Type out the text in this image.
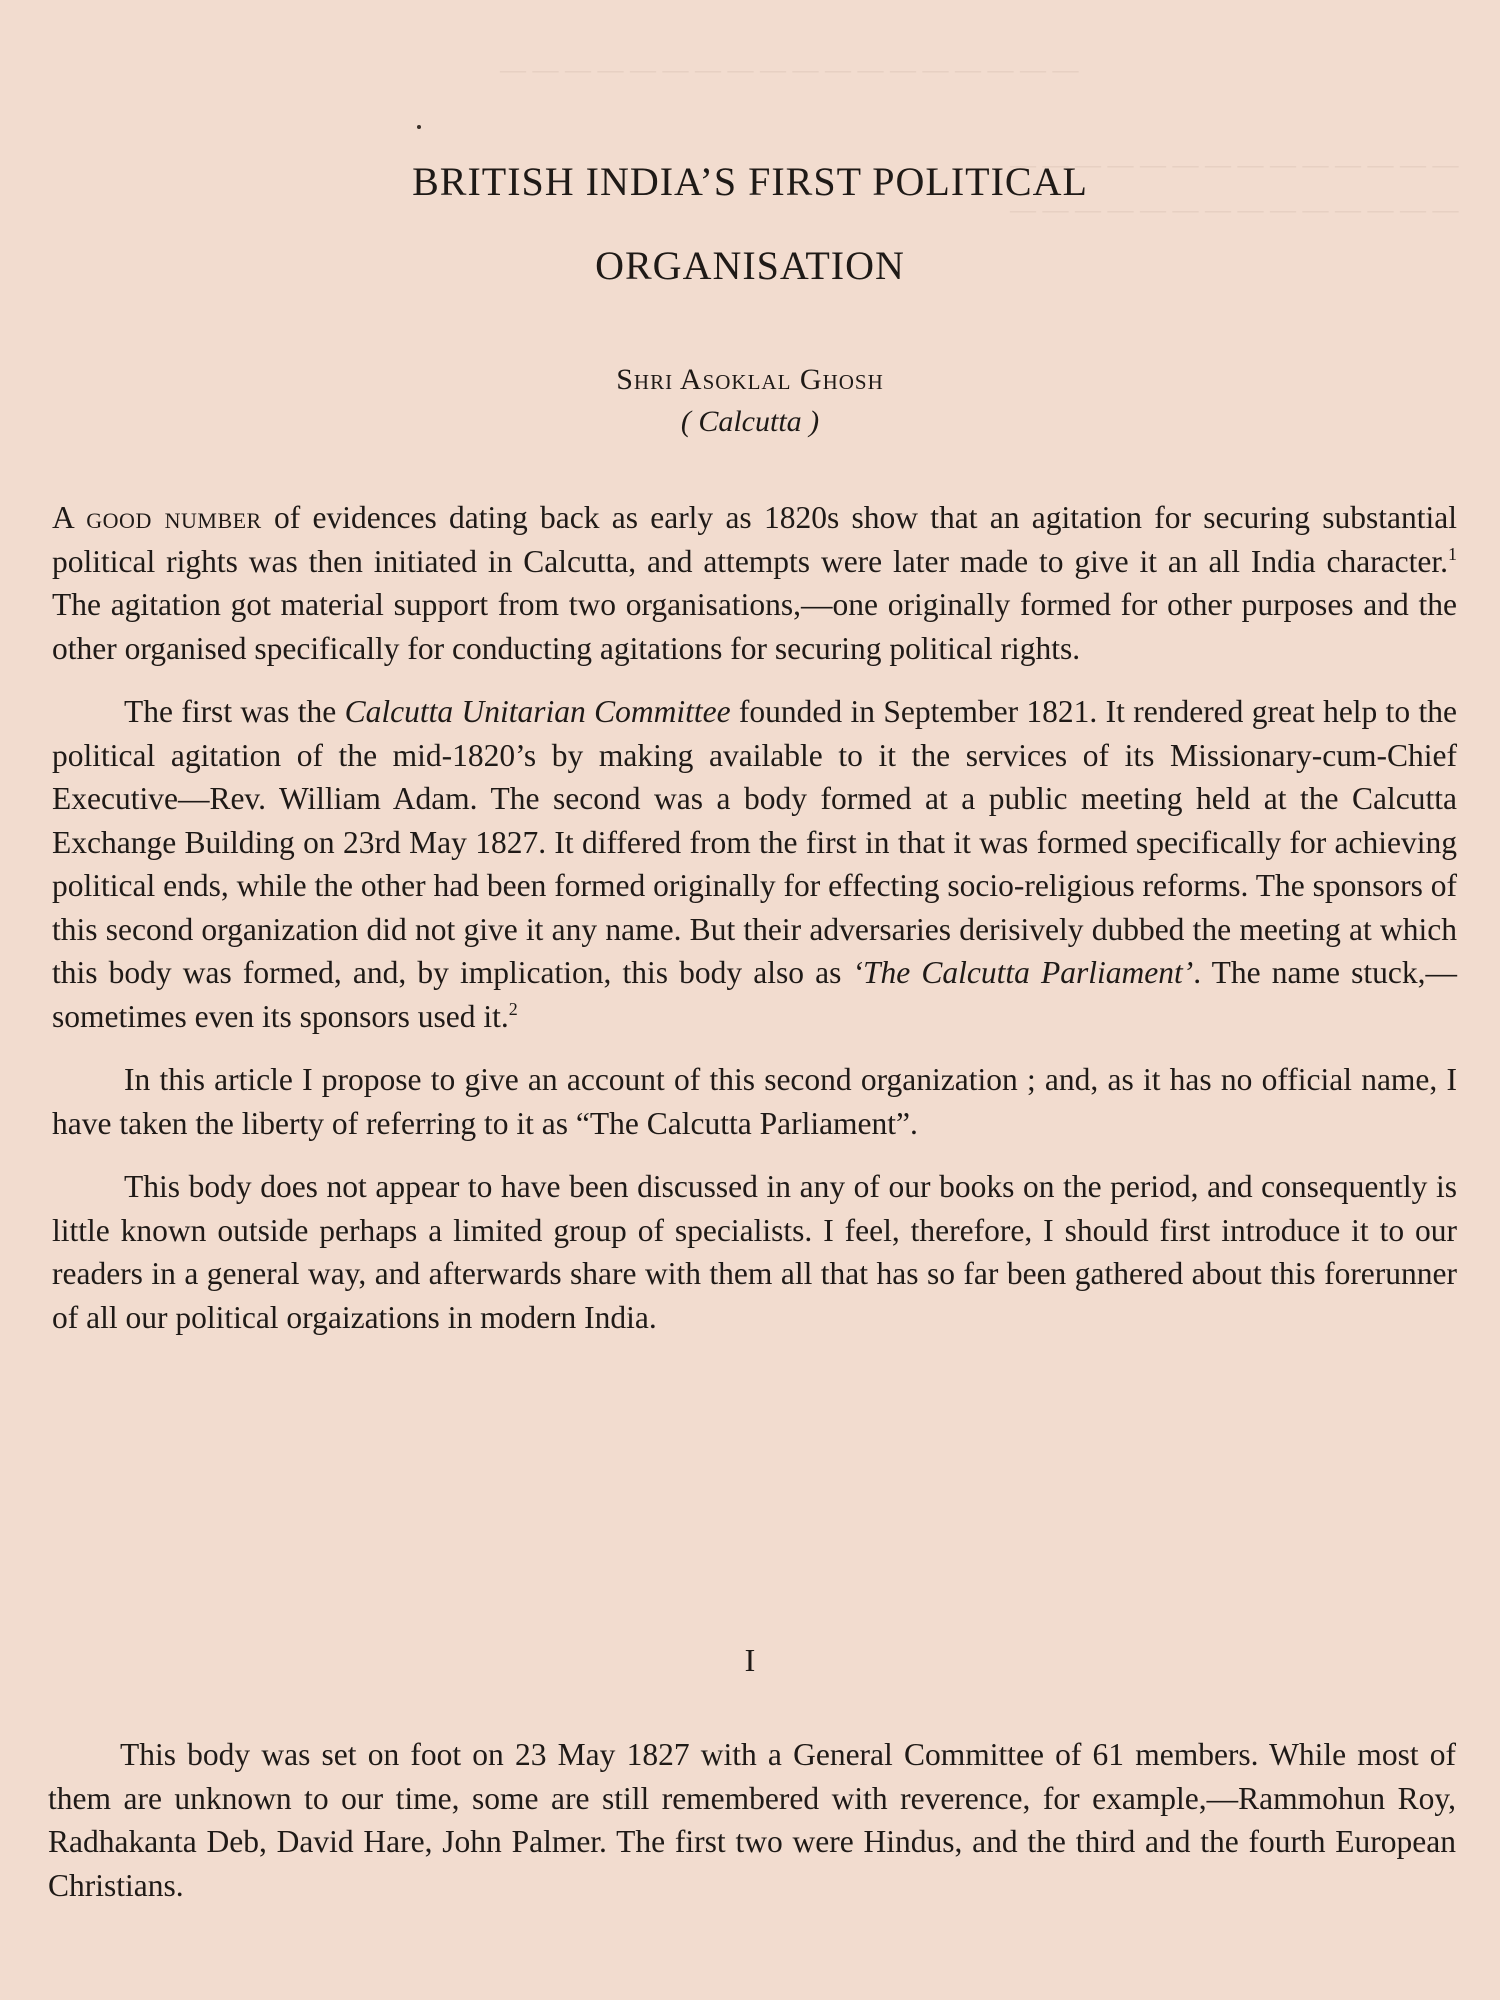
— — — — — — — — — — — — — — — — — —
— — — — — — — — — — — — — —
— — — — — — — — — — — — — —
BRITISH INDIA’S FIRST POLITICAL
ORGANISATION
Shri Asoklal Ghosh
( Calcutta )

A good number of evidences dating back as early as 1820s show that an agitation for securing substantial political rights was then initiated in Calcutta, and attempts were later made to give it an all India character.$^1$ The agitation got material support from two organisations,—one originally formed for other purposes and the other organised specifically for conducting agitations for securing political rights.

The first was the Calcutta Unitarian Committee founded in September 1821. It rendered great help to the political agitation of the mid-1820’s by making available to it the services of its Missionary-cum-Chief Executive—Rev. William Adam. The second was a body formed at a public meeting held at the Calcutta Exchange Building on 23rd May 1827. It differed from the first in that it was formed specifically for achieving political ends, while the other had been formed originally for effecting socio-religious reforms. The sponsors of this second organization did not give it any name. But their adversaries derisively dubbed the meeting at which this body was formed, and, by implication, this body also as ‘The Calcutta Parliament’. The name stuck,—sometimes even its sponsors used it.$^2$

In this article I propose to give an account of this second organization ; and, as it has no official name, I have taken the liberty of referring to it as “The Calcutta Parliament”.

This body does not appear to have been discussed in any of our books on the period, and consequently is little known outside perhaps a limited group of specialists. I feel, therefore, I should first introduce it to our readers in a general way, and afterwards share with them all that has so far been gathered about this forerunner of all our political orgaizations in modern India.

I

This body was set on foot on 23 May 1827 with a General Committee of 61 members. While most of them are unknown to our time, some are still remembered with reverence, for example,—Rammohun Roy, Radhakanta Deb, David Hare, John Palmer. The first two were Hindus, and the third and the fourth European Christians.
